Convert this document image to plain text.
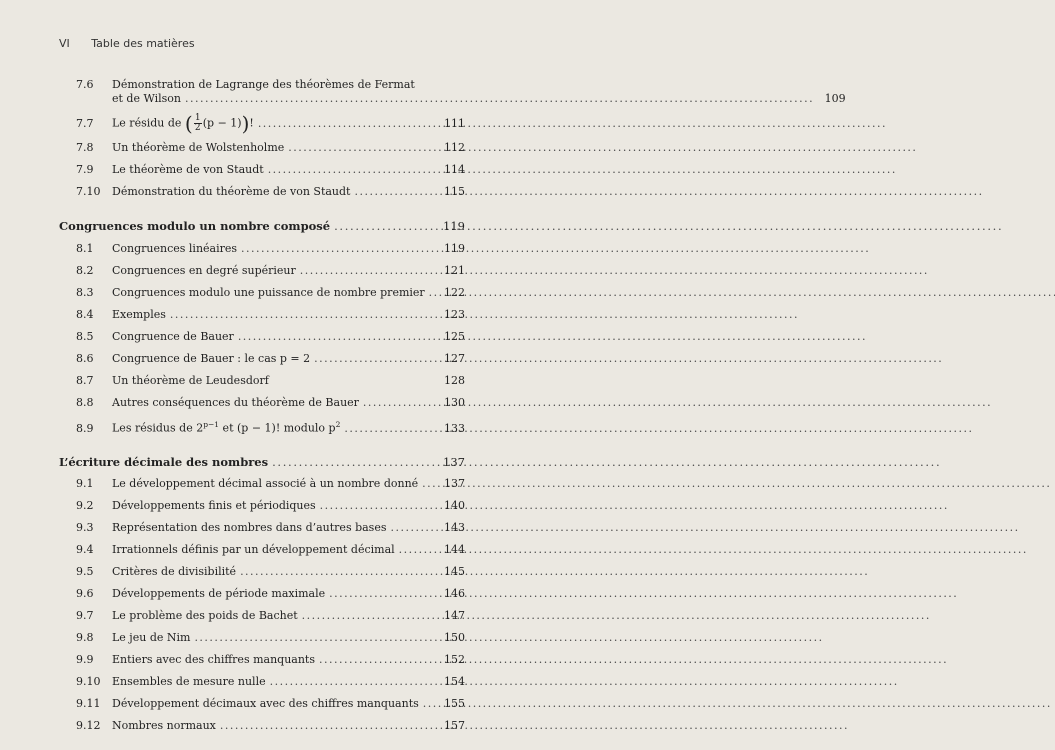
VI Table des matières
7.6	Démonstration de Lagrange des théorèmes de Fermat
et de Wilson . . .	109
7.7	Le résidu de ( $\frac{1}{2} (p - 1)$)! . . .	111
7.8	Un théorème de Wolstenholme . . .	112
7.9	Le théorème de von Staudt . . .	114
7.10	Démonstration du théorème de von Staudt . . .	115
Congruences modulo un nombre composé . . .	119
8.1	Congruences linéaires . . .	119
8.2	Congruences en degré supérieur . . .	121
8.3	Congruences modulo une puissance de nombre premier . . .	122
8.4	Exemples . . .	123
8.5	Congruence de Bauer . . .	125
8.6	Congruence de Bauer : le cas p = 2 . . .	127
8.7	Un théorème de Leudesdorf	128
8.8	Autres conséquences du théorème de Bauer . . .	130
8.9	Les résidus de $2^{p-1}$ et (p − 1)! modulo $p^2$ . . .	133
L’écriture décimale des nombres . . .	137
9.1	Le développement décimal associé à un nombre donné . . .	137
9.2	Développements finis et périodiques . . .	140
9.3	Représentation des nombres dans d’autres bases . . .	143
9.4	Irrationnels définis par un développement décimal . . .	144
9.5	Critères de divisibilité . . .	145
9.6	Développements de période maximale . . .	146
9.7	Le problème des poids de Bachet . . .	147
9.8	Le jeu de Nim . . .	150
9.9	Entiers avec des chiffres manquants . . .	152
9.10	Ensembles de mesure nulle . . .	154
9.11	Développement décimaux avec des chiffres manquants . . .	155
9.12	Nombres normaux . . .	157
